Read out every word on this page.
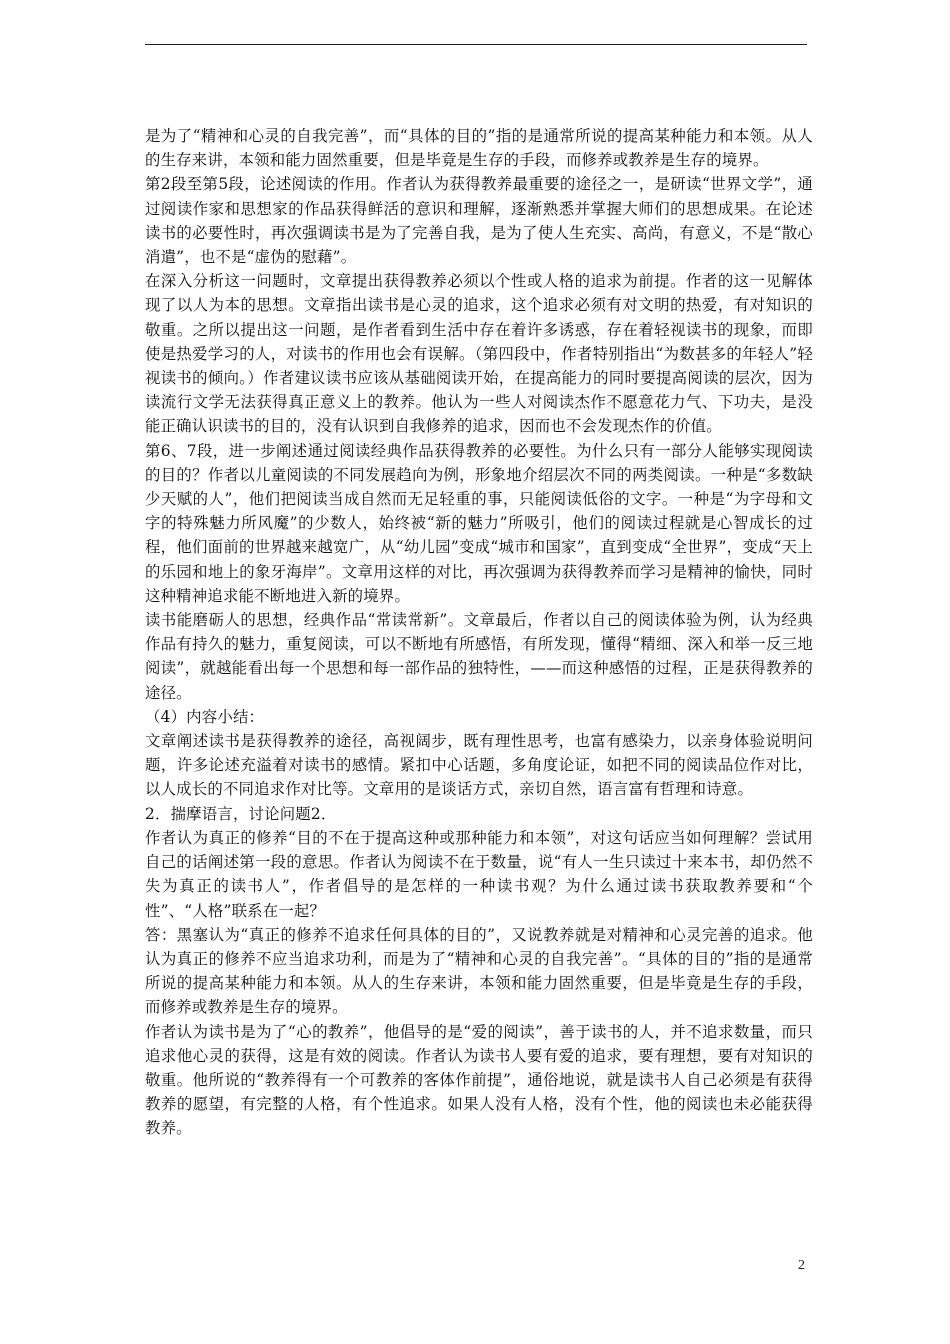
是为了“精神和心灵的自我完善”，而“具体的目的”指的是通常所说的提高某种能力和本领。从人的生存来讲，本领和能力固然重要，但是毕竟是生存的手段，而修养或教养是生存的境界。

第2段至第5段，论述阅读的作用。作者认为获得教养最重要的途径之一，是研读“世界文学”，通过阅读作家和思想家的作品获得鲜活的意识和理解，逐渐熟悉并掌握大师们的思想成果。在论述读书的必要性时，再次强调读书是为了完善自我，是为了使人生充实、高尚，有意义，不是“散心消遣”，也不是“虚伪的慰藉”。

在深入分析这一问题时，文章提出获得教养必须以个性或人格的追求为前提。作者的这一见解体现了以人为本的思想。文章指出读书是心灵的追求，这个追求必须有对文明的热爱，有对知识的敬重。之所以提出这一问题，是作者看到生活中存在着许多诱惑，存在着轻视读书的现象，而即使是热爱学习的人，对读书的作用也会有误解。（第四段中，作者特别指出“为数甚多的年轻人”轻视读书的倾向。）作者建议读书应该从基础阅读开始，在提高能力的同时要提高阅读的层次，因为读流行文学无法获得真正意义上的教养。他认为一些人对阅读杰作不愿意花力气、下功夫，是没能正确认识读书的目的，没有认识到自我修养的追求，因而也不会发现杰作的价值。

第6、7段，进一步阐述通过阅读经典作品获得教养的必要性。为什么只有一部分人能够实现阅读的目的？作者以儿童阅读的不同发展趋向为例，形象地介绍层次不同的两类阅读。一种是“多数缺少天赋的人”，他们把阅读当成自然而无足轻重的事，只能阅读低俗的文字。一种是“为字母和文字的特殊魅力所风魔”的少数人，始终被“新的魅力”所吸引，他们的阅读过程就是心智成长的过程，他们面前的世界越来越宽广，从“幼儿园”变成“城市和国家”，直到变成“全世界”，变成“天上的乐园和地上的象牙海岸”。文章用这样的对比，再次强调为获得教养而学习是精神的愉快，同时这种精神追求能不断地进入新的境界。

读书能磨砺人的思想，经典作品“常读常新”。文章最后，作者以自己的阅读体验为例，认为经典作品有持久的魅力，重复阅读，可以不断地有所感悟，有所发现，懂得“精细、深入和举一反三地阅读”，就越能看出每一个思想和每一部作品的独特性，——而这种感悟的过程，正是获得教养的途径。

（4）内容小结：

文章阐述读书是获得教养的途径，高视阔步，既有理性思考，也富有感染力，以亲身体验说明问题，许多论述充溢着对读书的感情。紧扣中心话题，多角度论证，如把不同的阅读品位作对比，以人成长的不同追求作对比等。文章用的是谈话方式，亲切自然，语言富有哲理和诗意。

2．揣摩语言，讨论问题2．

作者认为真正的修养“目的不在于提高这种或那种能力和本领”，对这句话应当如何理解？尝试用自己的话阐述第一段的意思。作者认为阅读不在于数量，说“有人一生只读过十来本书，却仍然不失为真正的读书人”，作者倡导的是怎样的一种读书观？为什么通过读书获取教养要和“个性”、“人格”联系在一起？

答：黑塞认为“真正的修养不追求任何具体的目的”，又说教养就是对精神和心灵完善的追求。他认为真正的修养不应当追求功利，而是为了“精神和心灵的自我完善”。“具体的目的”指的是通常所说的提高某种能力和本领。从人的生存来讲，本领和能力固然重要，但是毕竟是生存的手段，而修养或教养是生存的境界。

作者认为读书是为了“心的教养”，他倡导的是“爱的阅读”，善于读书的人，并不追求数量，而只追求他心灵的获得，这是有效的阅读。作者认为读书人要有爱的追求，要有理想，要有对知识的敬重。他所说的“教养得有一个可教养的客体作前提”，通俗地说，就是读书人自己必须是有获得教养的愿望，有完整的人格，有个性追求。如果人没有人格，没有个性，他的阅读也未必能获得教养。

2
